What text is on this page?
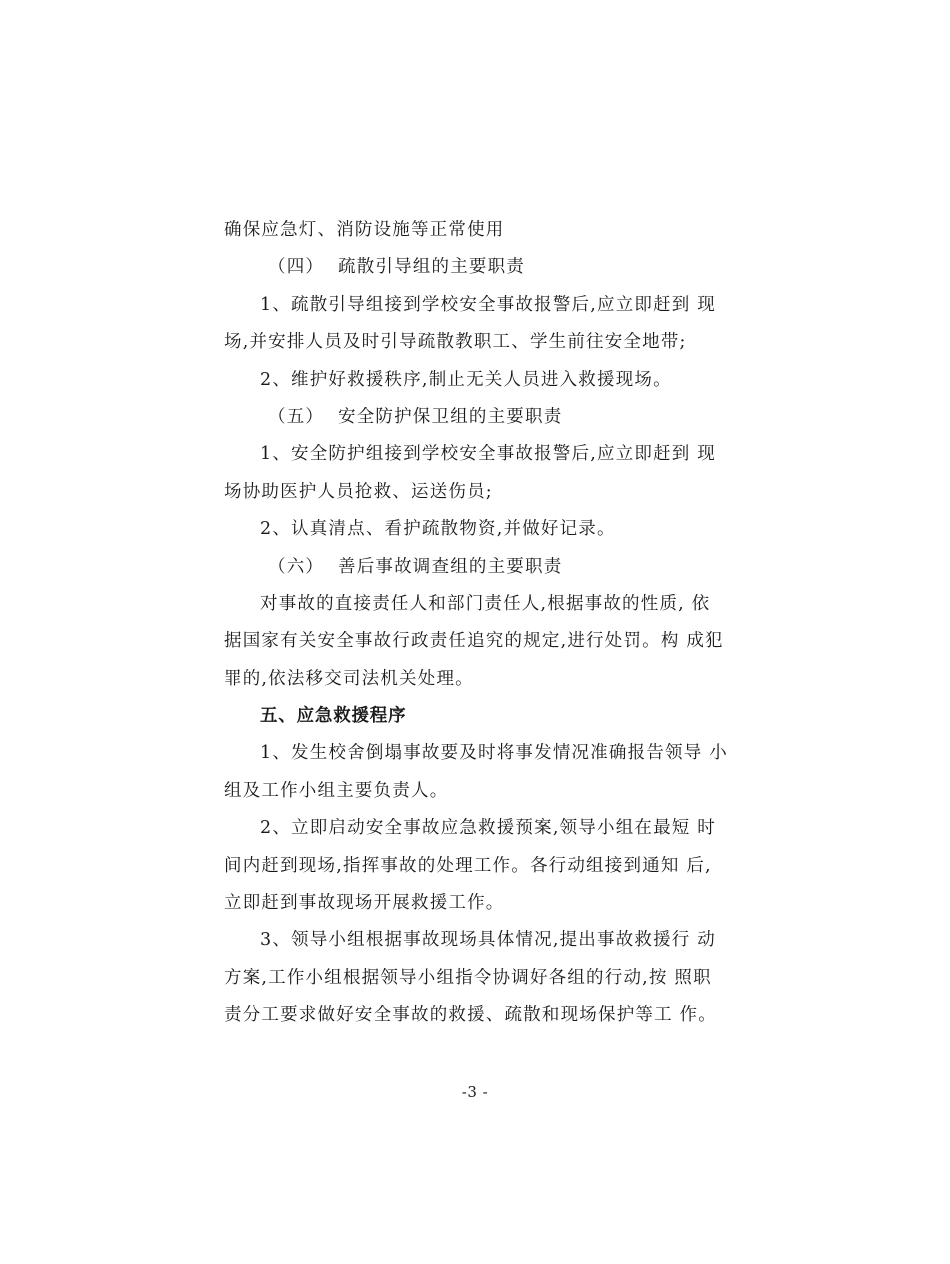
确保应急灯、消防设施等正常使用
（四） 疏散引导组的主要职责
1、疏散引导组接到学校安全事故报警后,应立即赶到 现
场,并安排人员及时引导疏散教职工、学生前往安全地带;
2、维护好救援秩序,制止无关人员进入救援现场。
（五） 安全防护保卫组的主要职责
1、安全防护组接到学校安全事故报警后,应立即赶到 现
场协助医护人员抢救、运送伤员;
2、认真清点、看护疏散物资,并做好记录。
（六） 善后事故调查组的主要职责
对事故的直接责任人和部门责任人,根据事故的性质, 依
据国家有关安全事故行政责任追究的规定,进行处罚。构 成犯
罪的,依法移交司法机关处理。
五、应急救援程序
1、发生校舍倒塌事故要及时将事发情况准确报告领导 小
组及工作小组主要负责人。
2、立即启动安全事故应急救援预案,领导小组在最短 时
间内赶到现场,指挥事故的处理工作。各行动组接到通知 后,
立即赶到事故现场开展救援工作。
3、领导小组根据事故现场具体情况,提出事故救援行 动
方案,工作小组根据领导小组指令协调好各组的行动,按 照职
责分工要求做好安全事故的救援、疏散和现场保护等工 作。
-3 -
